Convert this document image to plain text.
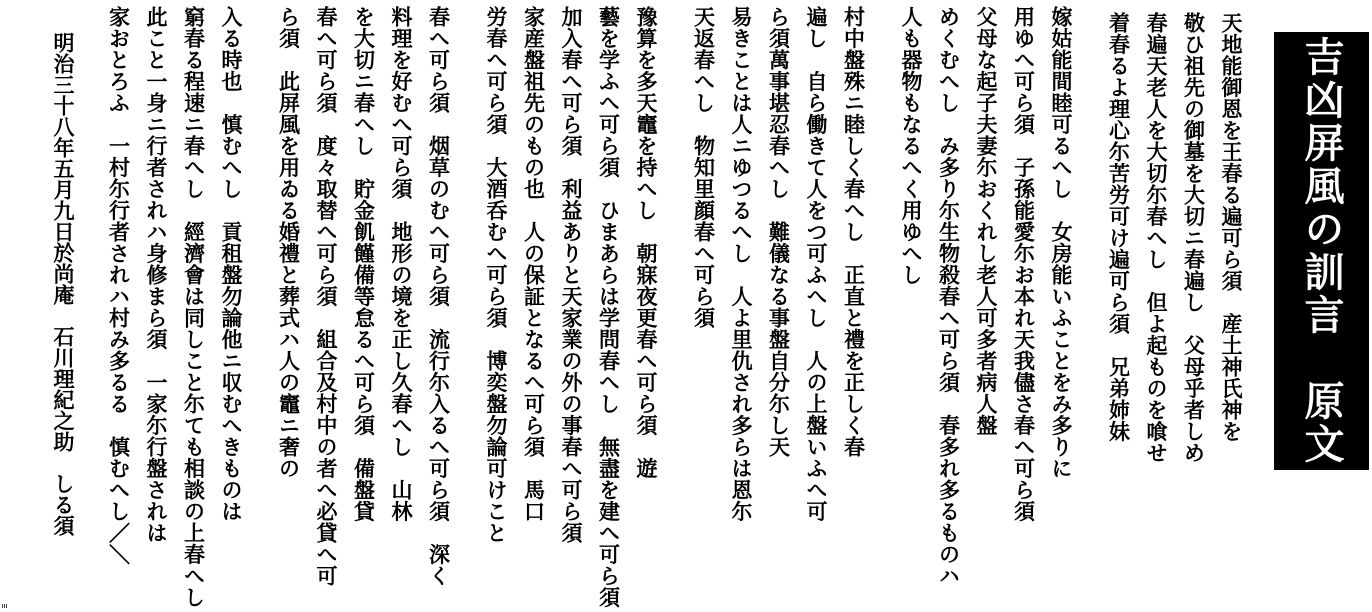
天地能御恩を王春る遍可ら須　産土神氏神を
敬ひ祖先の御墓を大切ニ春遍し　父母乎者しめ
春遍天老人を大切尓春へし　但よ起ものを喰せ
着春るよ理心尓苦労可け遍可ら須　兄弟姉妹

嫁姑能間睦可るへし　女房能いふことをみ多りに
用ゆへ可ら須　子孫能愛尓お本れ天我儘さ春へ可ら須
父母な起子夫妻尓おくれし老人可多者病人盤
めくむへし　み多り尓生物殺春へ可ら須　春多れ多るものハ
人も器物もなるへく用ゆへし

村中盤殊ニ睦しく春へし　正直と禮を正しく春
遍し　自ら働きて人をつ可ふへし　人の上盤いふへ可
ら須萬事堪忍春へし　難儀なる事盤自分尓し天
易きことは人ニゆつるへし　人よ里仇され多らは恩尓
天返春へし　物知里顔春へ可ら須

豫算を多天竈を持へし　朝寐夜更春へ可ら須　遊
藝を学ふへ可ら須　ひまあらは学問春へし　無盡を建へ可ら須
加入春へ可ら須　利益ありと天家業の外の事春へ可ら須
家産盤祖先のもの也　人の保証となるへ可ら須　馬口
労春へ可ら須　大酒呑むへ可ら須　博奕盤勿論可けこと

春へ可ら須　烟草のむへ可ら須　流行尓入るへ可ら須　深く
料理を好むへ可ら須　地形の境を正し久春へし　山林
を大切ニ春へし　貯金飢饉備等怠るへ可ら須　備盤貸
春へ可ら須　度々取替へ可ら須　組合及村中の者へ必貸へ可
ら須　此屏風を用ゐる婚禮と葬式ハ人の竈ニ奢の

入る時也　慎むへし　貢租盤勿論他ニ収むへきものは
窮春る程速ニ春へし　經濟會は同しこと尓ても相談の上春へし
此こと一身ニ行者されハ身修まら須　一家尓行盤されは
家おとろふ　一村尓行者されハ村み多るる　慎むへし／＼

明治三十八年五月九日於尚庵　石川理紀之助　しる須	吉凶屏風の訓言　原文
